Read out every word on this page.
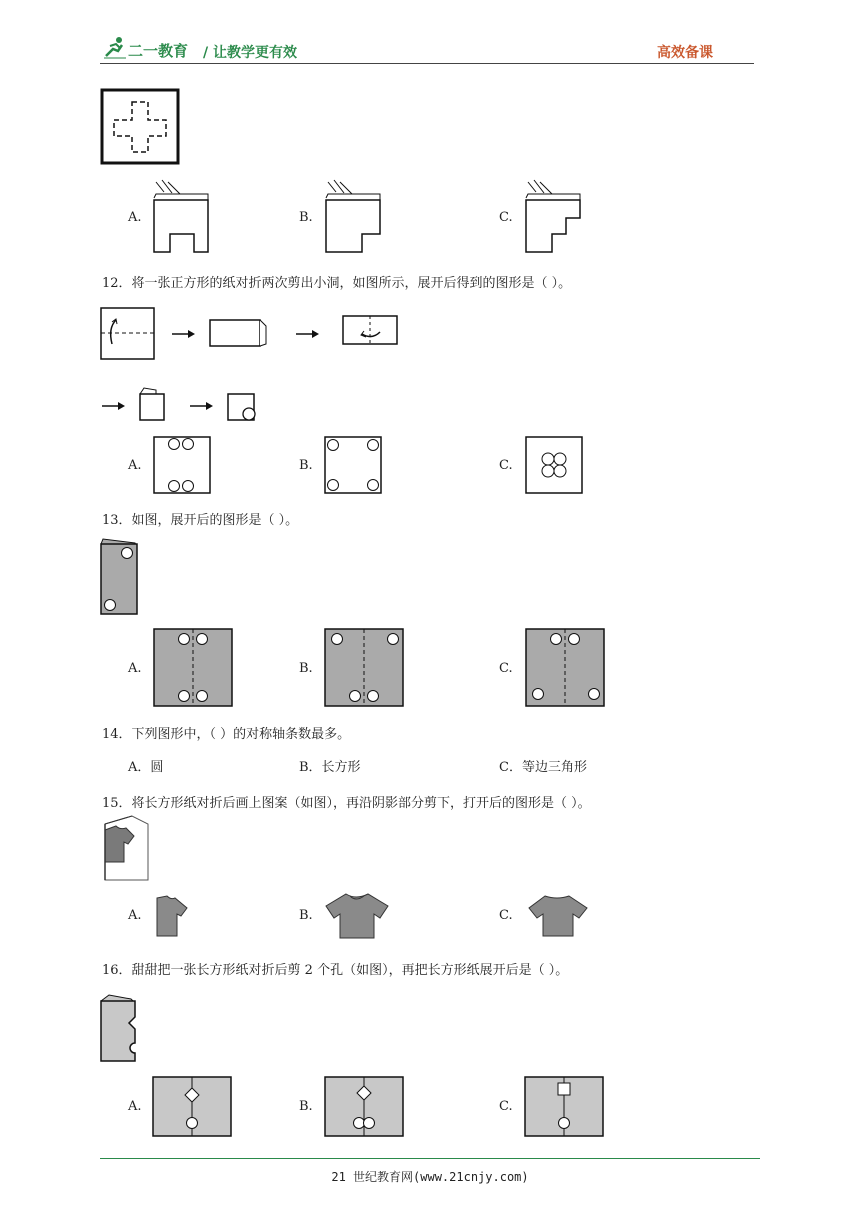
二一教育 / 让教学更有效	高效备课
A.	B.	C.
12．将一张正方形的纸对折两次剪出小洞，如图所示，展开后得到的图形是（ ）。
A.	B.	C.
13．如图，展开后的图形是（ ）。
A.	B.	C.
14．下列图形中，（ ）的对称轴条数最多。
A．圆	B．长方形	C．等边三角形
15．将长方形纸对折后画上图案（如图），再沿阴影部分剪下，打开后的图形是（ ）。
A.	B.	C.
16．甜甜把一张长方形纸对折后剪 2 个孔（如图），再把长方形纸展开后是（ ）。
A.	B.	C.
21 世纪教育网(www.21cnjy.com)
